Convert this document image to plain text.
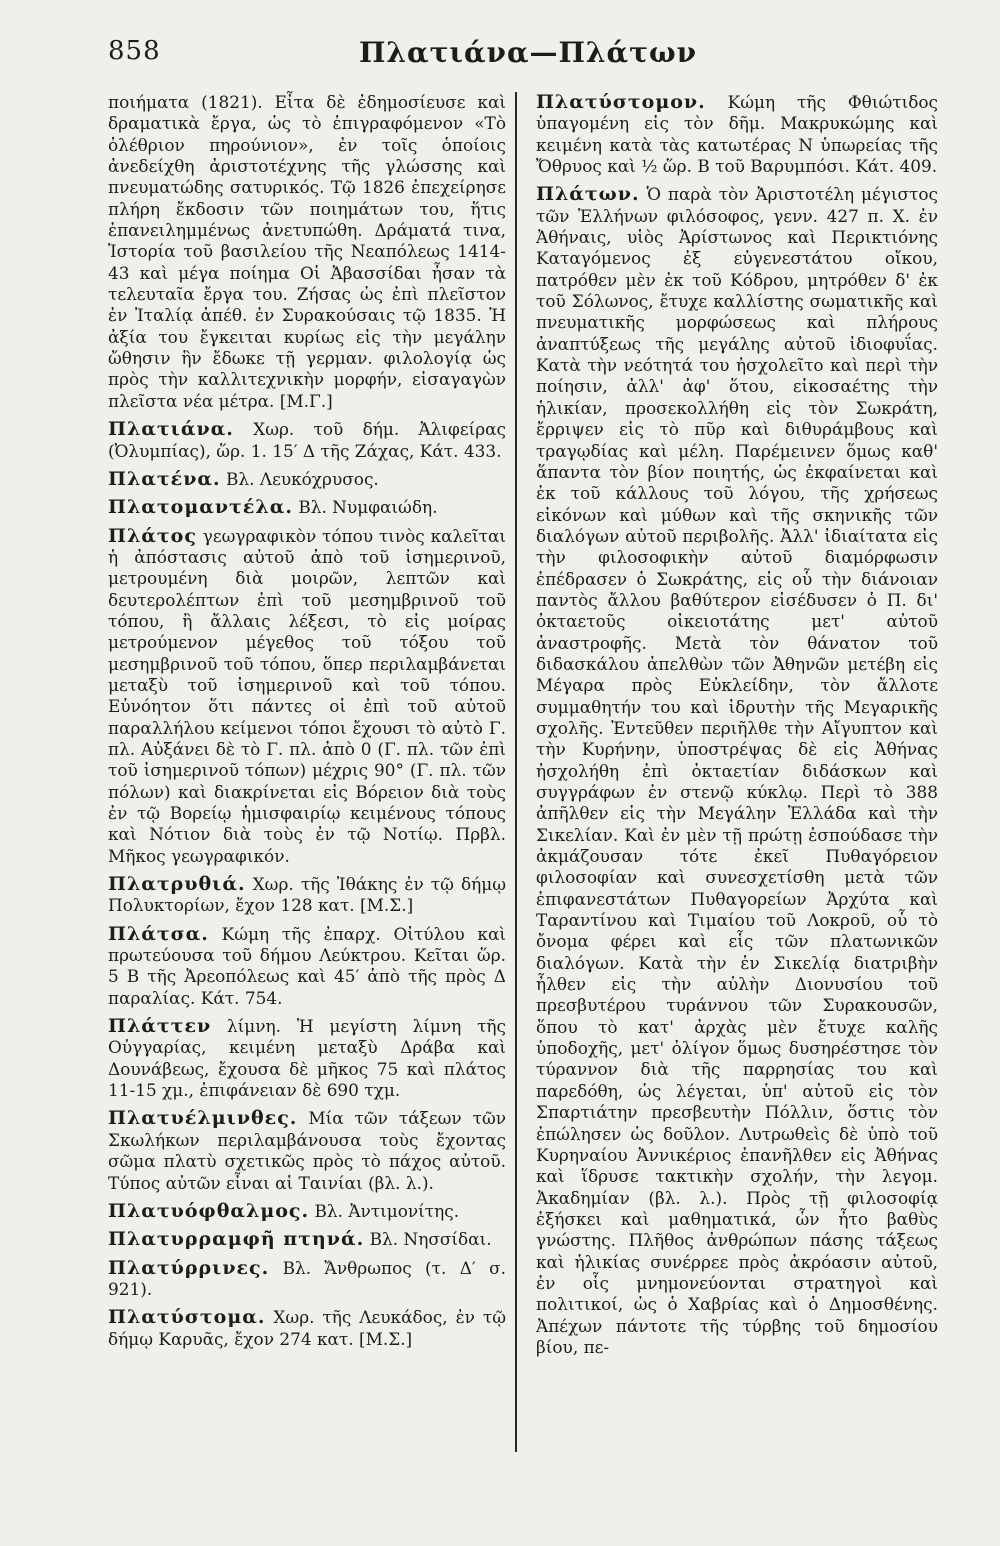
858	Πλατιάνα—Πλάτων

ποιήματα (1821). Εἶτα δὲ ἐδημοσίευσε καὶ δραματικὰ ἔργα, ὡς τὸ ἐπιγραφόμενον «Τὸ ὀλέθριον πηρούνιον», ἐν τοῖς ὁποίοις ἀνεδείχθη ἀριστοτέχνης τῆς γλώσσης καὶ πνευματώδης σατυρικός. Τῷ 1826 ἐπεχείρησε πλήρη ἔκδοσιν τῶν ποιημάτων του, ἥτις ἐπανειλημμένως ἀνετυπώθη. Δράματά τινα, Ἱστορία τοῦ βασιλείου τῆς Νεαπόλεως 1414-43 καὶ μέγα ποίημα Οἱ Ἀβασσίδαι ἦσαν τὰ τελευταῖα ἔργα του. Ζήσας ὡς ἐπὶ πλεῖστον ἐν Ἰταλίᾳ ἀπέθ. ἐν Συρακούσαις τῷ 1835. Ἡ ἀξία του ἔγκειται κυρίως εἰς τὴν μεγάλην ὤθησιν ἣν ἔδωκε τῇ γερμαν. φιλολογίᾳ ὡς πρὸς τὴν καλλιτεχνικὴν μορφήν, εἰσαγαγὼν πλεῖστα νέα μέτρα. [Μ.Γ.]

Πλατιάνα. Χωρ. τοῦ δήμ. Ἀλιφείρας (Ὀλυμπίας), ὥρ. 1. 15′ Δ τῆς Ζάχας, Κάτ. 433.

Πλατένα. Βλ. Λευκόχρυσος.

Πλατομαντέλα. Βλ. Νυμφαιώδη.

Πλάτος γεωγραφικὸν τόπου τινὸς καλεῖται ἡ ἀπόστασις αὐτοῦ ἀπὸ τοῦ ἰσημερινοῦ, μετρουμένη διὰ μοιρῶν, λεπτῶν καὶ δευτερολέπτων ἐπὶ τοῦ μεσημβρινοῦ τοῦ τόπου, ἢ ἄλλαις λέξεσι, τὸ εἰς μοίρας μετρούμενον μέγεθος τοῦ τόξου τοῦ μεσημβρινοῦ τοῦ τόπου, ὅπερ περιλαμβάνεται μεταξὺ τοῦ ἰσημερινοῦ καὶ τοῦ τόπου. Εὐνόητον ὅτι πάντες οἱ ἐπὶ τοῦ αὐτοῦ παραλλήλου κείμενοι τόποι ἔχουσι τὸ αὐτὸ Γ. πλ. Αὐξάνει δὲ τὸ Γ. πλ. ἀπὸ 0 (Γ. πλ. τῶν ἐπὶ τοῦ ἰσημερινοῦ τόπων) μέχρις 90° (Γ. πλ. τῶν πόλων) καὶ διακρίνεται εἰς Βόρειον διὰ τοὺς ἐν τῷ Βορείῳ ἡμισφαιρίῳ κειμένους τόπους καὶ Νότιον διὰ τοὺς ἐν τῷ Νοτίῳ. Πρβλ. Μῆκος γεωγραφικόν.

Πλατρυθιά. Χωρ. τῆς Ἰθάκης ἐν τῷ δήμῳ Πολυκτορίων, ἔχον 128 κατ. [Μ.Σ.]

Πλάτσα. Κώμη τῆς ἐπαρχ. Οἰτύλου καὶ πρωτεύουσα τοῦ δήμου Λεύκτρου. Κεῖται ὥρ. 5 Β τῆς Ἀρεοπόλεως καὶ 45′ ἀπὸ τῆς πρὸς Δ παραλίας. Κάτ. 754.

Πλάττεν λίμνη. Ἡ μεγίστη λίμνη τῆς Οὐγγαρίας, κειμένη μεταξὺ Δράβα καὶ Δουνάβεως, ἔχουσα δὲ μῆκος 75 καὶ πλάτος 11-15 χμ., ἐπιφάνειαν δὲ 690 τχμ.

Πλατυέλμινθες. Μία τῶν τάξεων τῶν Σκωλήκων περιλαμβάνουσα τοὺς ἔχοντας σῶμα πλατὺ σχετικῶς πρὸς τὸ πάχος αὐτοῦ. Τύπος αὐτῶν εἶναι αἱ Ταινίαι (βλ. λ.).

Πλατυόφθαλμος. Βλ. Ἀντιμονίτης.

Πλατυρραμφῆ πτηνά. Βλ. Νησσίδαι.

Πλατύρρινες. Βλ. Ἄνθρωπος (τ. Δ′ σ. 921).

Πλατύστομα. Χωρ. τῆς Λευκάδος, ἐν τῷ δήμῳ Καρυᾶς, ἔχον 274 κατ. [Μ.Σ.]

Πλατύστομον. Κώμη τῆς Φθιώτιδος ὑπαγομένη εἰς τὸν δῆμ. Μακρυκώμης καὶ κειμένη κατὰ τὰς κατωτέρας Ν ὑπωρείας τῆς Ὄθρυος καὶ ½ ὥρ. Β τοῦ Βαρυμπόσι. Κάτ. 409.

Πλάτων. Ὁ παρὰ τὸν Ἀριστοτέλη μέγιστος τῶν Ἑλλήνων φιλόσοφος, γενν. 427 π. Χ. ἐν Ἀθήναις, υἱὸς Ἀρίστωνος καὶ Περικτιόνης Καταγόμενος ἐξ εὐγενεστάτου οἴκου, πατρόθεν μὲν ἐκ τοῦ Κόδρου, μητρόθεν δ' ἐκ τοῦ Σόλωνος, ἔτυχε καλλίστης σωματικῆς καὶ πνευματικῆς μορφώσεως καὶ πλήρους ἀναπτύξεως τῆς μεγάλης αὐτοῦ ἰδιοφυΐας. Κατὰ τὴν νεότητά του ἠσχολεῖτο καὶ περὶ τὴν ποίησιν, ἀλλ' ἀφ' ὅτου, εἰκοσαέτης τὴν ἡλικίαν, προσεκολλήθη εἰς τὸν Σωκράτη, ἔρριψεν εἰς τὸ πῦρ καὶ διθυράμβους καὶ τραγῳδίας καὶ μέλη. Παρέμεινεν ὅμως καθ' ἅπαντα τὸν βίον ποιητής, ὡς ἐκφαίνεται καὶ ἐκ τοῦ κάλλους τοῦ λόγου, τῆς χρήσεως εἰκόνων καὶ μύθων καὶ τῆς σκηνικῆς τῶν διαλόγων αὐτοῦ περιβολῆς. Ἀλλ' ἰδιαίτατα εἰς τὴν φιλοσοφικὴν αὐτοῦ διαμόρφωσιν ἐπέδρασεν ὁ Σωκράτης, εἰς οὗ τὴν διάνοιαν παντὸς ἄλλου βαθύτερον εἰσέδυσεν ὁ Π. δι' ὀκταετοῦς οἰκειοτάτης μετ' αὐτοῦ ἀναστροφῆς. Μετὰ τὸν θάνατον τοῦ διδασκάλου ἀπελθὼν τῶν Ἀθηνῶν μετέβη εἰς Μέγαρα πρὸς Εὐκλείδην, τὸν ἄλλοτε συμμαθητήν του καὶ ἱδρυτὴν τῆς Μεγαρικῆς σχολῆς. Ἐντεῦθεν περιῆλθε τὴν Αἴγυπτον καὶ τὴν Κυρήνην, ὑποστρέψας δὲ εἰς Ἀθήνας ἠσχολήθη ἐπὶ ὀκταετίαν διδάσκων καὶ συγγράφων ἐν στενῷ κύκλῳ. Περὶ τὸ 388 ἀπῆλθεν εἰς τὴν Μεγάλην Ἑλλάδα καὶ τὴν Σικελίαν. Καὶ ἐν μὲν τῇ πρώτῃ ἐσπούδασε τὴν ἀκμάζουσαν τότε ἐκεῖ Πυθαγόρειον φιλοσοφίαν καὶ συνεσχετίσθη μετὰ τῶν ἐπιφανεστάτων Πυθαγορείων Ἀρχύτα καὶ Ταραντίνου καὶ Τιμαίου τοῦ Λοκροῦ, οὗ τὸ ὄνομα φέρει καὶ εἷς τῶν πλατωνικῶν διαλόγων. Κατὰ τὴν ἐν Σικελίᾳ διατριβὴν ἦλθεν εἰς τὴν αὐλὴν Διονυσίου τοῦ πρεσβυτέρου τυράννου τῶν Συρακουσῶν, ὅπου τὸ κατ' ἀρχὰς μὲν ἔτυχε καλῆς ὑποδοχῆς, μετ' ὀλίγον ὅμως δυσηρέστησε τὸν τύραννον διὰ τῆς παρρησίας του καὶ παρεδόθη, ὡς λέγεται, ὑπ' αὐτοῦ εἰς τὸν Σπαρτιάτην πρεσβευτὴν Πόλλιν, ὅστις τὸν ἐπώλησεν ὡς δοῦλον. Λυτρωθεὶς δὲ ὑπὸ τοῦ Κυρηναίου Ἀννικέριος ἐπανῆλθεν εἰς Ἀθήνας καὶ ἵδρυσε τακτικὴν σχολήν, τὴν λεγομ. Ἀκαδημίαν (βλ. λ.). Πρὸς τῇ φιλοσοφίᾳ ἐξήσκει καὶ μαθηματικά, ὧν ἦτο βαθὺς γνώστης. Πλῆθος ἀνθρώπων πάσης τάξεως καὶ ἡλικίας συνέρρεε πρὸς ἀκρόασιν αὐτοῦ, ἐν οἷς μνημονεύονται στρατηγοὶ καὶ πολιτικοί, ὡς ὁ Χαβρίας καὶ ὁ Δημοσθένης. Ἀπέχων πάντοτε τῆς τύρβης τοῦ δημοσίου βίου, πε-
